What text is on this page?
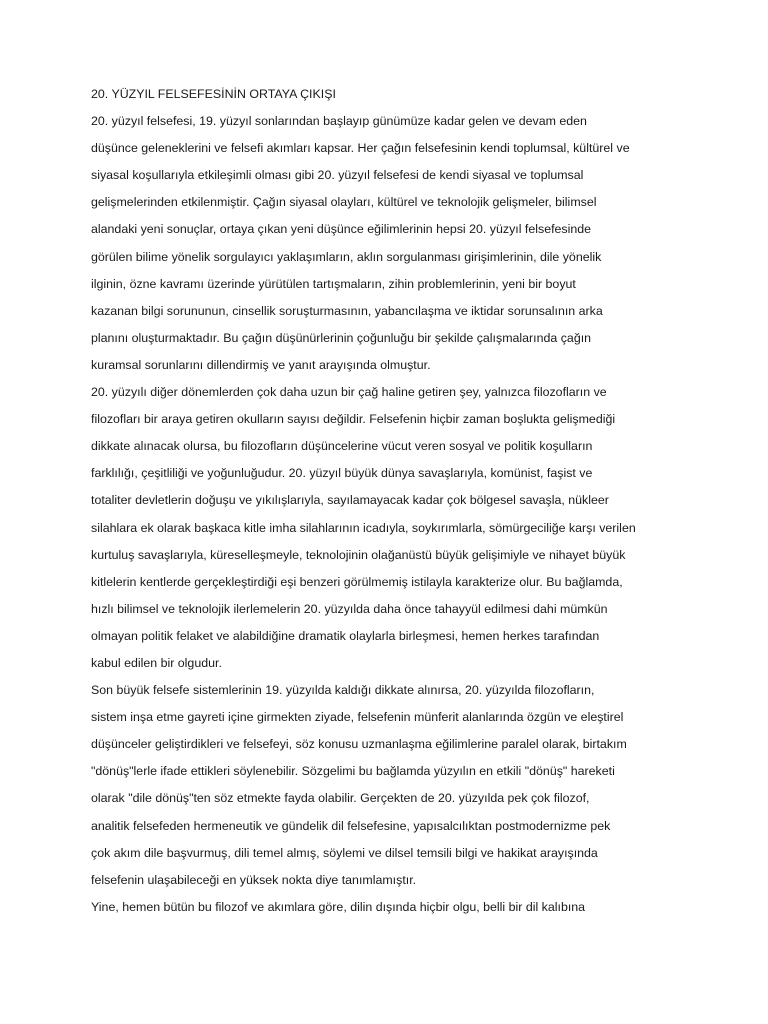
20. YÜZYIL FELSEFESİNİN ORTAYA ÇIKIŞI
20. yüzyıl felsefesi, 19. yüzyıl sonlarından başlayıp günümüze kadar gelen ve devam eden
düşünce geleneklerini ve felsefi akımları kapsar. Her çağın felsefesinin kendi toplumsal, kültürel ve
siyasal koşullarıyla etkileşimli olması gibi 20. yüzyıl felsefesi de kendi siyasal ve toplumsal
gelişmelerinden etkilenmiştir. Çağın siyasal olayları, kültürel ve teknolojik gelişmeler, bilimsel
alandaki yeni sonuçlar, ortaya çıkan yeni düşünce eğilimlerinin hepsi 20. yüzyıl felsefesinde
görülen bilime yönelik sorgulayıcı yaklaşımların, aklın sorgulanması girişimlerinin, dile yönelik
ilginin, özne kavramı üzerinde yürütülen tartışmaların, zihin problemlerinin, yeni bir boyut
kazanan bilgi sorununun, cinsellik soruşturmasının, yabancılaşma ve iktidar sorunsalının arka
planını oluşturmaktadır. Bu çağın düşünürlerinin çoğunluğu bir şekilde çalışmalarında çağın
kuramsal sorunlarını dillendirmiş ve yanıt arayışında olmuştur.
20. yüzyılı diğer dönemlerden çok daha uzun bir çağ haline getiren şey, yalnızca filozofların ve
filozofları bir araya getiren okulların sayısı değildir. Felsefenin hiçbir zaman boşlukta gelişmediği
dikkate alınacak olursa, bu filozofların düşüncelerine vücut veren sosyal ve politik koşulların
farklılığı, çeşitliliği ve yoğunluğudur. 20. yüzyıl büyük dünya savaşlarıyla, komünist, faşist ve
totaliter devletlerin doğuşu ve yıkılışlarıyla, sayılamayacak kadar çok bölgesel savaşla, nükleer
silahlara ek olarak başkaca kitle imha silahlarının icadıyla, soykırımlarla, sömürgeciliğe karşı verilen
kurtuluş savaşlarıyla, küreselleşmeyle, teknolojinin olağanüstü büyük gelişimiyle ve nihayet büyük
kitlelerin kentlerde gerçekleştirdiği eşi benzeri görülmemiş istilayla karakterize olur. Bu bağlamda,
hızlı bilimsel ve teknolojik ilerlemelerin 20. yüzyılda daha önce tahayyül edilmesi dahi mümkün
olmayan politik felaket ve alabildiğine dramatik olaylarla birleşmesi, hemen herkes tarafından
kabul edilen bir olgudur.
Son büyük felsefe sistemlerinin 19. yüzyılda kaldığı dikkate alınırsa, 20. yüzyılda filozofların,
sistem inşa etme gayreti içine girmekten ziyade, felsefenin münferit alanlarında özgün ve eleştirel
düşünceler geliştirdikleri ve felsefeyi, söz konusu uzmanlaşma eğilimlerine paralel olarak, birtakım
"dönüş"lerle ifade ettikleri söylenebilir. Sözgelimi bu bağlamda yüzyılın en etkili "dönüş" hareketi
olarak "dile dönüş"ten söz etmekte fayda olabilir. Gerçekten de 20. yüzyılda pek çok filozof,
analitik felsefeden hermeneutik ve gündelik dil felsefesine, yapısalcılıktan postmodernizme pek
çok akım dile başvurmuş, dili temel almış, söylemi ve dilsel temsili bilgi ve hakikat arayışında
felsefenin ulaşabileceği en yüksek nokta diye tanımlamıştır.
Yine, hemen bütün bu filozof ve akımlara göre, dilin dışında hiçbir olgu, belli bir dil kalıbına
